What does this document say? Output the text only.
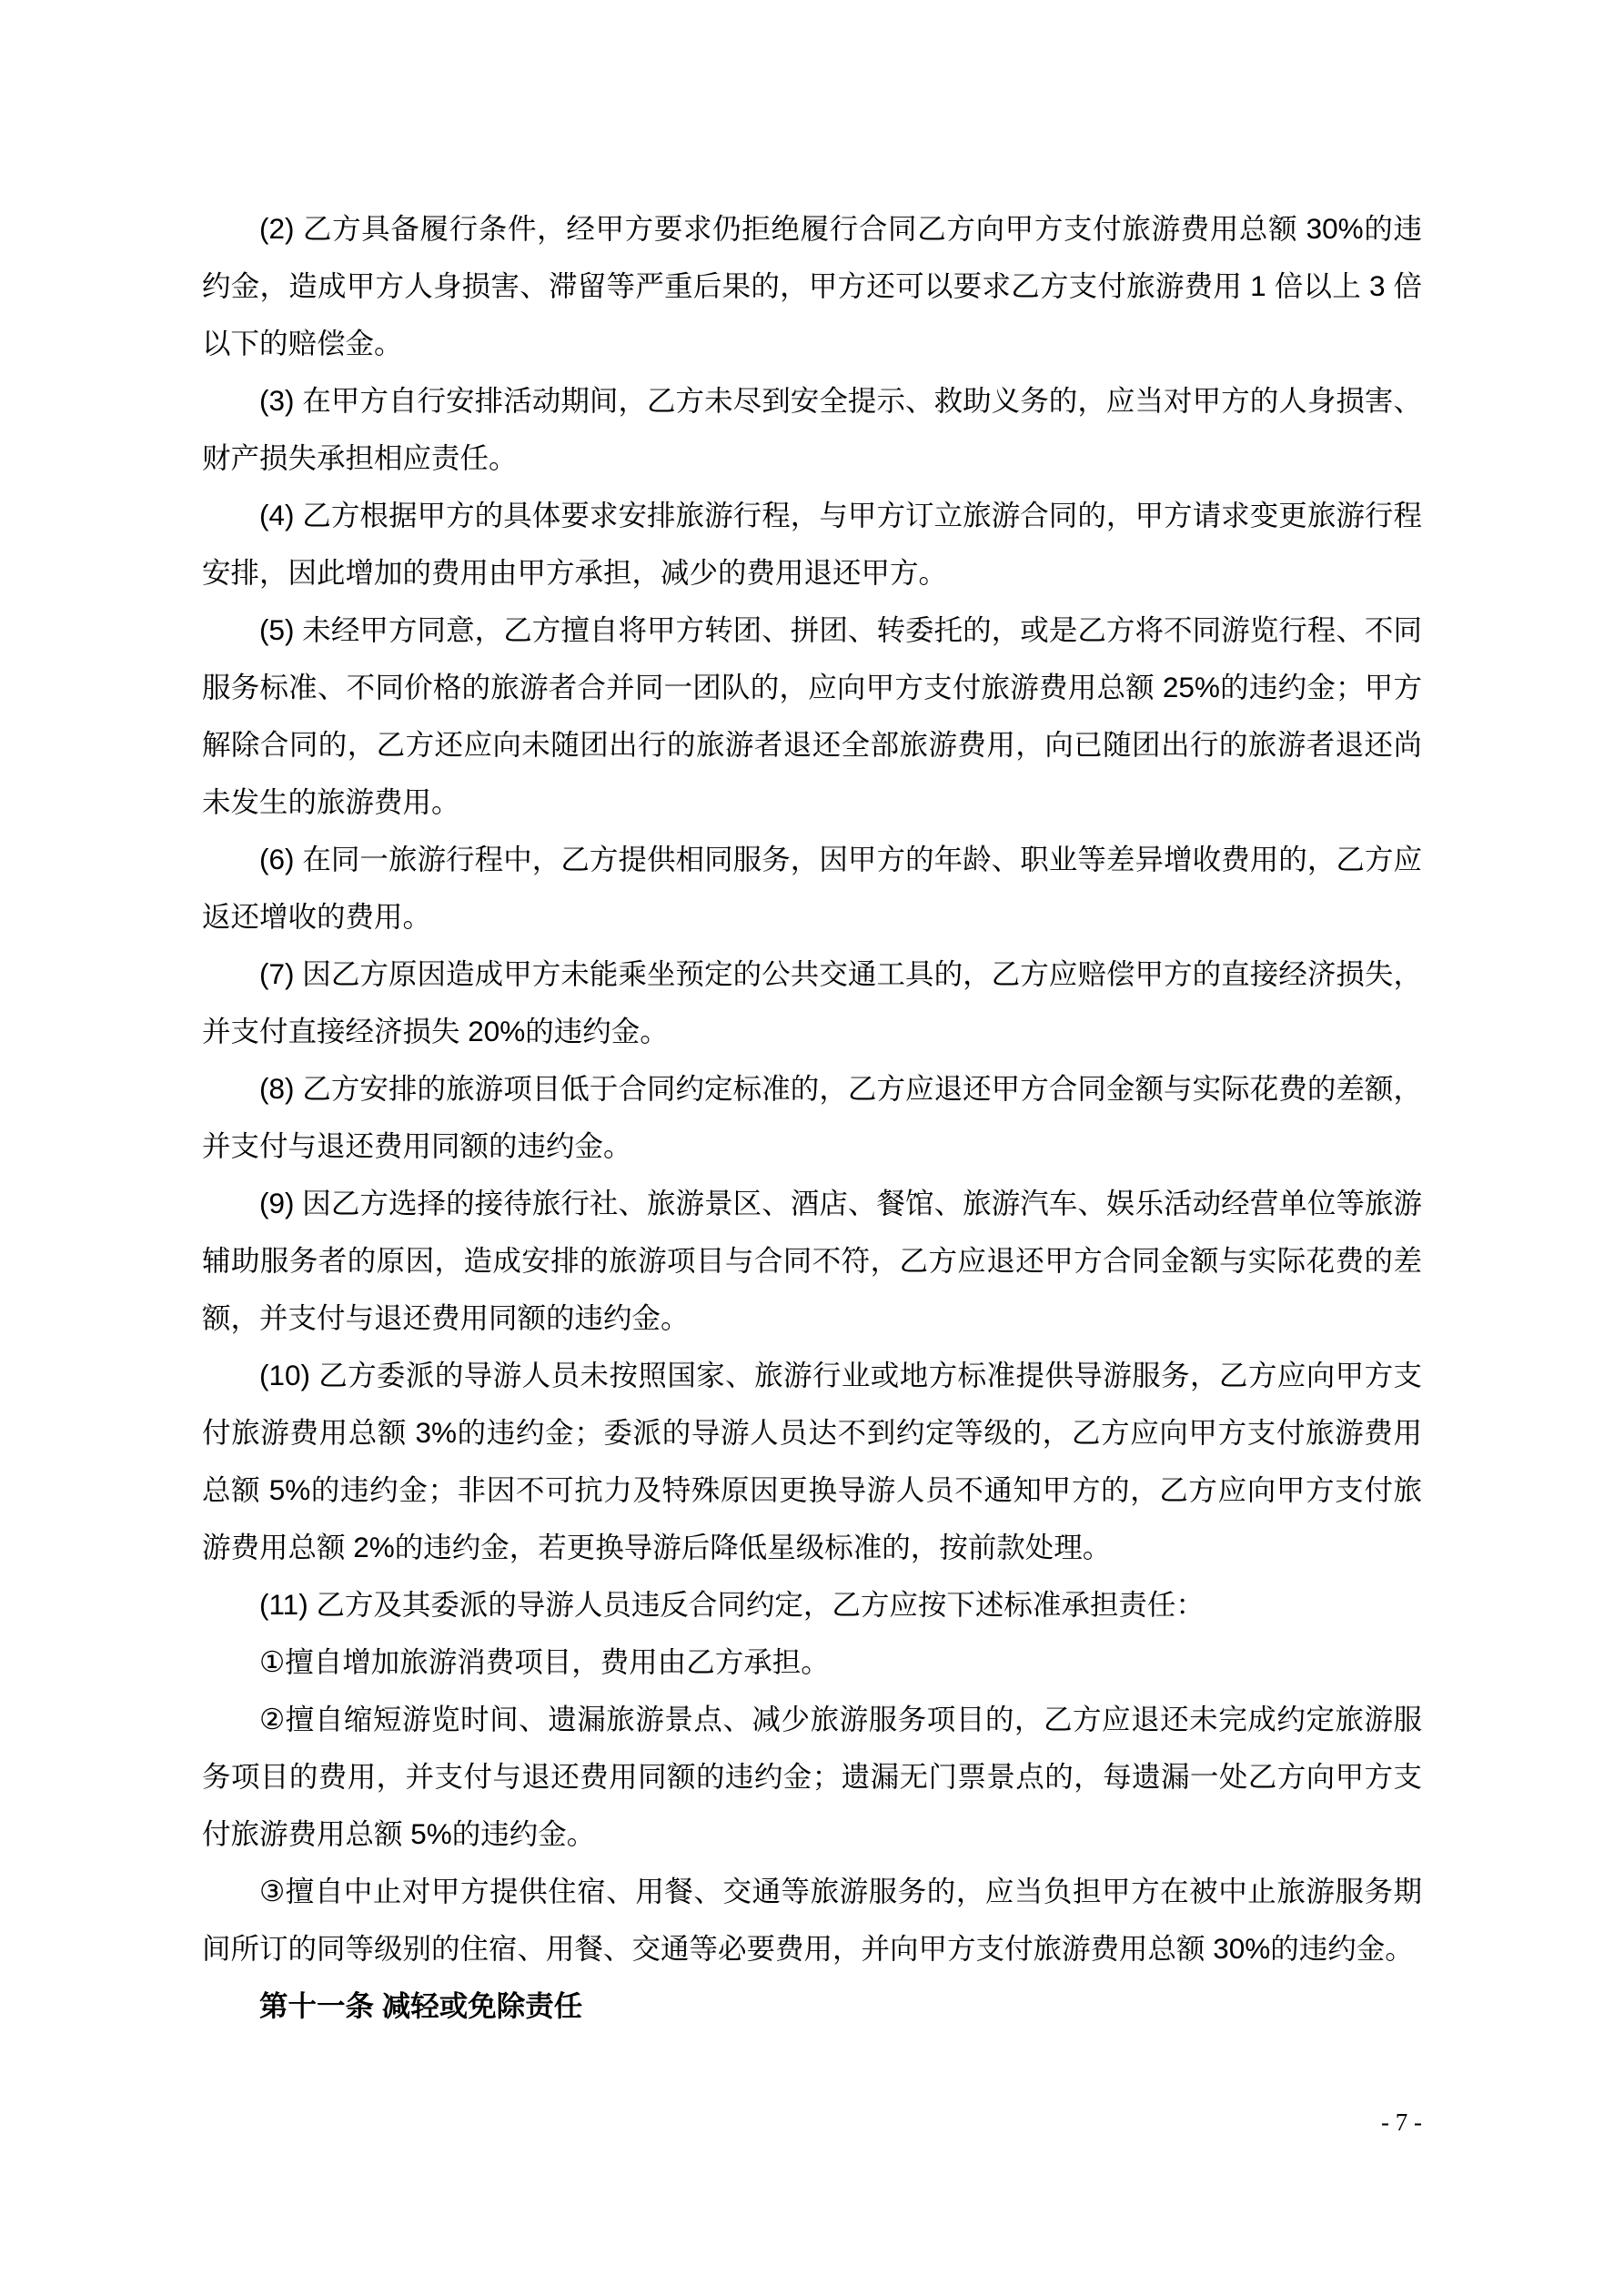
(2) 乙方具备履行条件，经甲方要求仍拒绝履行合同乙方向甲方支付旅游费用总额 30%的违约金，造成甲方人身损害、滞留等严重后果的，甲方还可以要求乙方支付旅游费用 1 倍以上 3 倍以下的赔偿金。

(3) 在甲方自行安排活动期间，乙方未尽到安全提示、救助义务的，应当对甲方的人身损害、财产损失承担相应责任。

(4) 乙方根据甲方的具体要求安排旅游行程，与甲方订立旅游合同的，甲方请求变更旅游行程安排，因此增加的费用由甲方承担，减少的费用退还甲方。

(5) 未经甲方同意，乙方擅自将甲方转团、拼团、转委托的，或是乙方将不同游览行程、不同服务标准、不同价格的旅游者合并同一团队的，应向甲方支付旅游费用总额 25%的违约金；甲方解除合同的，乙方还应向未随团出行的旅游者退还全部旅游费用，向已随团出行的旅游者退还尚未发生的旅游费用。

(6) 在同一旅游行程中，乙方提供相同服务，因甲方的年龄、职业等差异增收费用的，乙方应返还增收的费用。

(7) 因乙方原因造成甲方未能乘坐预定的公共交通工具的，乙方应赔偿甲方的直接经济损失，并支付直接经济损失 20%的违约金。

(8) 乙方安排的旅游项目低于合同约定标准的，乙方应退还甲方合同金额与实际花费的差额，并支付与退还费用同额的违约金。

(9) 因乙方选择的接待旅行社、旅游景区、酒店、餐馆、旅游汽车、娱乐活动经营单位等旅游辅助服务者的原因，造成安排的旅游项目与合同不符，乙方应退还甲方合同金额与实际花费的差额，并支付与退还费用同额的违约金。

(10) 乙方委派的导游人员未按照国家、旅游行业或地方标准提供导游服务，乙方应向甲方支付旅游费用总额 3%的违约金；委派的导游人员达不到约定等级的，乙方应向甲方支付旅游费用总额 5%的违约金；非因不可抗力及特殊原因更换导游人员不通知甲方的，乙方应向甲方支付旅游费用总额 2%的违约金，若更换导游后降低星级标准的，按前款处理。

(11) 乙方及其委派的导游人员违反合同约定，乙方应按下述标准承担责任：

①擅自增加旅游消费项目，费用由乙方承担。

②擅自缩短游览时间、遗漏旅游景点、减少旅游服务项目的，乙方应退还未完成约定旅游服务项目的费用，并支付与退还费用同额的违约金；遗漏无门票景点的，每遗漏一处乙方向甲方支付旅游费用总额 5%的违约金。

③擅自中止对甲方提供住宿、用餐、交通等旅游服务的，应当负担甲方在被中止旅游服务期间所订的同等级别的住宿、用餐、交通等必要费用，并向甲方支付旅游费用总额 30%的违约金。

第十一条 减轻或免除责任

- 7 -
